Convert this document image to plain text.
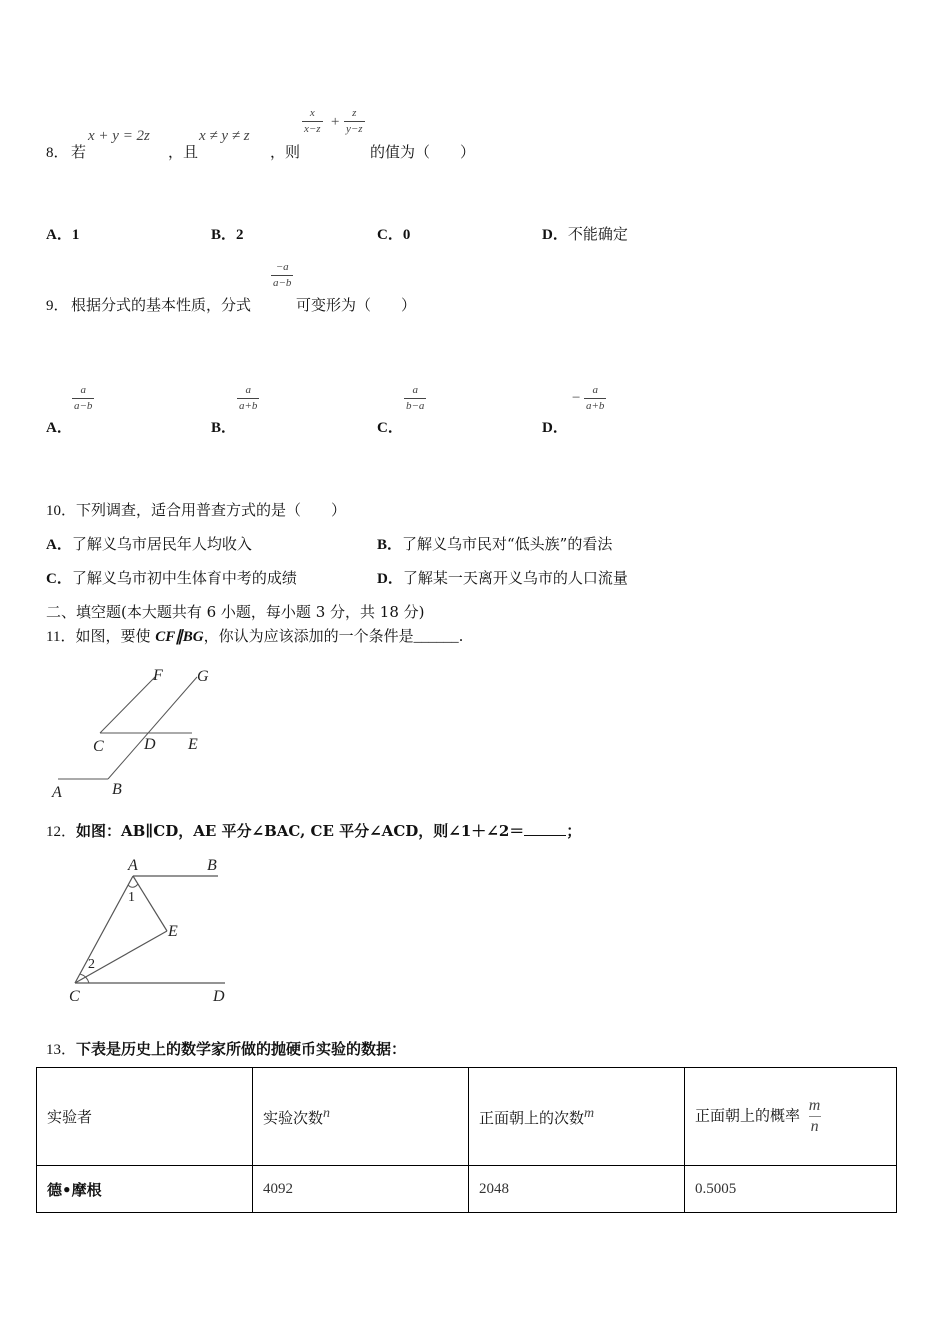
8． 若
x + y = 2z
，且
x ≠ y ≠ z
，则
$\frac{x}{x-z} + \frac{z}{y-z}$
的值为（　　）
A．1	B．2	C．0	D．不能确定
9． 根据分式的基本性质，分式
$\frac{-a}{a-b}$
可变形为（　　）
A．
$\frac{a}{a-b}$
B．
$\frac{a}{a+b}$
C．
$\frac{a}{b-a}$
D．
− $\frac{a}{a+b}$
10．下列调查，适合用普查方式的是（　　）
A．了解义乌市居民年人均收入	B．了解义乌市民对“低头族”的看法
C．了解义乌市初中生体育中考的成绩	D．了解某一天离开义乌市的人口流量
二、填空题(本大题共有 6 小题，每小题 3 分，共 18 分)
11．如图，要使 CF∥BG，你认为应该添加的一个条件是______.
F G
C	D E
A	B
12．如图：AB∥CD，AE 平分∠BAC, CE 平分∠ACD，则∠1＋∠2＝	；
A	B
1
E
2
C	D
13．下表是历史上的数学家所做的抛硬币实验的数据：
实验者	实验次数n	正面朝上的次数m	正面朝上的概率 $\frac{m}{n}$

德•摩根	4092	2048	0.5005
